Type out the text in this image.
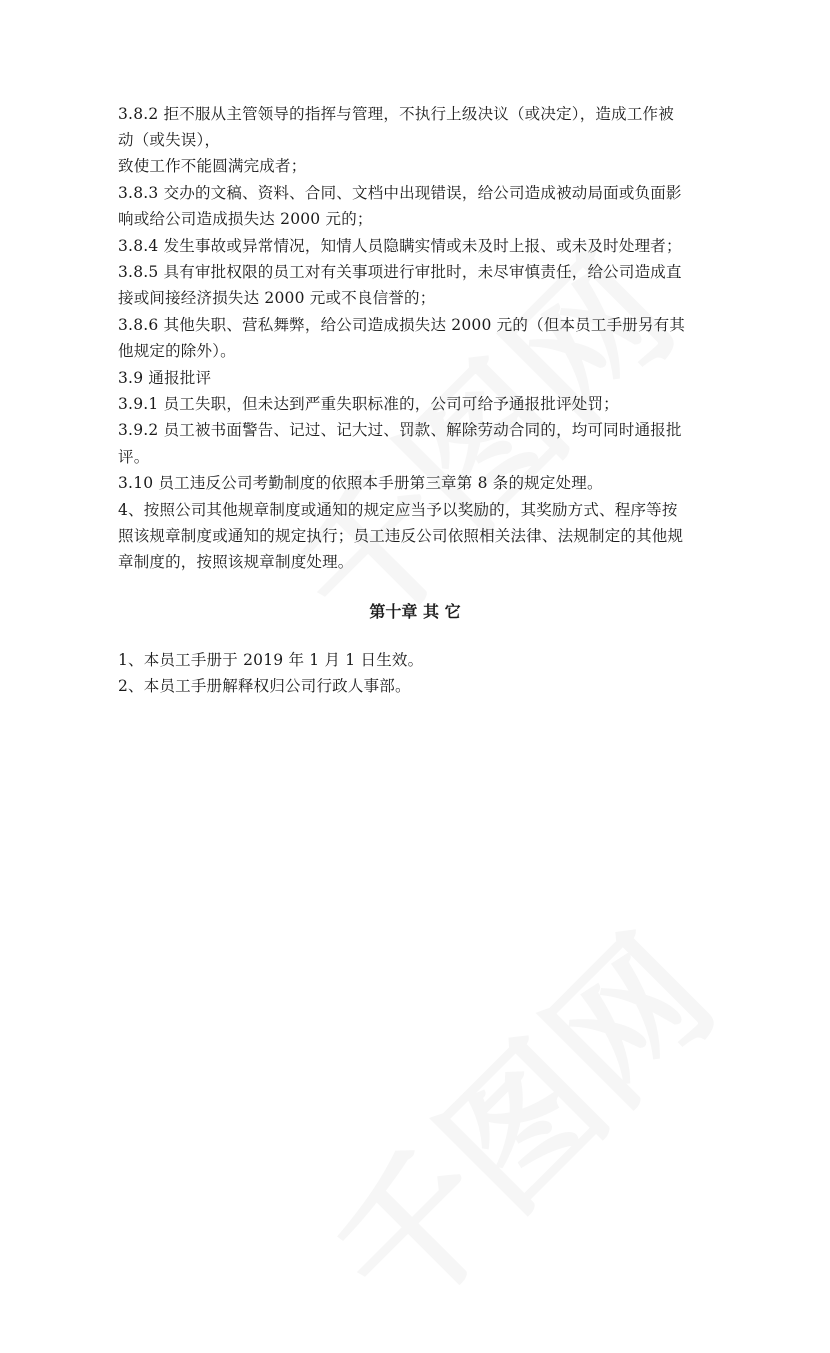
3.8.2 拒不服从主管领导的指挥与管理，不执行上级决议（或决定），造成工作被
动（或失误），
致使工作不能圆满完成者；
3.8.3 交办的文稿、资料、合同、文档中出现错误，给公司造成被动局面或负面影
响或给公司造成损失达 2000 元的；
3.8.4 发生事故或异常情况，知情人员隐瞒实情或未及时上报、或未及时处理者；
3.8.5 具有审批权限的员工对有关事项进行审批时，未尽审慎责任，给公司造成直
接或间接经济损失达 2000 元或不良信誉的；
3.8.6 其他失职、营私舞弊，给公司造成损失达 2000 元的（但本员工手册另有其
他规定的除外）。
3.9 通报批评
3.9.1 员工失职，但未达到严重失职标准的，公司可给予通报批评处罚；
3.9.2 员工被书面警告、记过、记大过、罚款、解除劳动合同的，均可同时通报批
评。
3.10 员工违反公司考勤制度的依照本手册第三章第 8 条的规定处理。
4、按照公司其他规章制度或通知的规定应当予以奖励的，其奖励方式、程序等按
照该规章制度或通知的规定执行；员工违反公司依照相关法律、法规制定的其他规
章制度的，按照该规章制度处理。
第十章 其 它
1、本员工手册于 2019 年 1 月 1 日生效。
2、本员工手册解释权归公司行政人事部。
